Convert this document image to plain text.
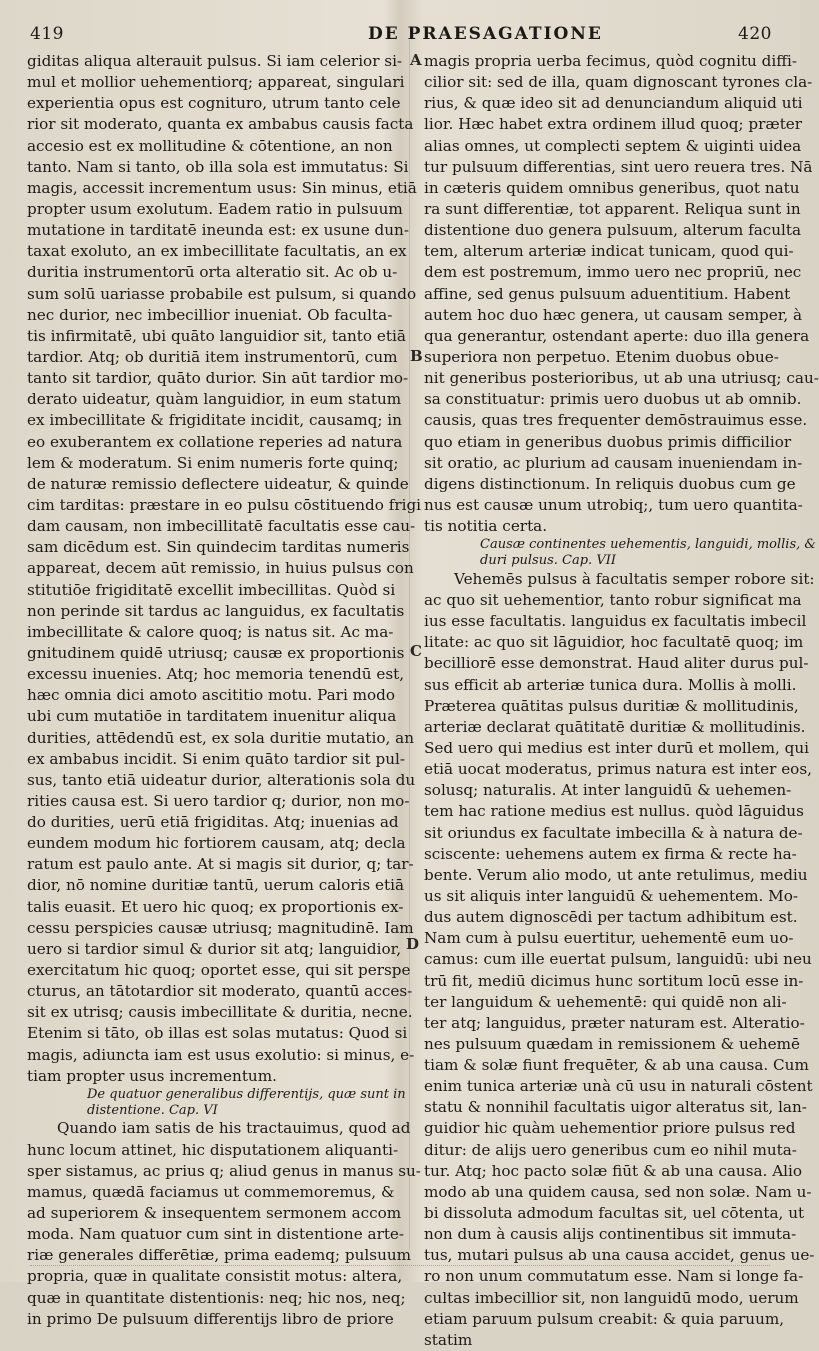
419	DE PRAESAGATIONE	420
A
B
C
D
giditas aliqua alterauit pulsus. Si iam celerior si-
mul et mollior uehementiorq; appareat, singulari
experientia opus est cogniturο, utrum tanto cele
rior sit moderato, quanta ex ambabus causis facta
accesio est ex mollitudine & cōtentione, an non
tanto. Nam si tanto, ob illa sola est immutatus: Si
magis, accessit incrementum usus: Sin minus, etiā
propter usum exolutum. Eadem ratio in pulsuum
mutatione in tarditatē ineunda est: ex usune dun-
taxat exoluto, an ex imbecillitate facultatis, an ex
duritia instrumentorū orta alteratio sit. Ac ob u-
sum solū uariasse probabile est pulsum, si quando
nec durior, nec imbecillior inueniat. Ob faculta-
tis infirmitatē, ubi quāto languidior sit, tanto etiā
tardior. Atq; ob duritiā item instrumentorū, cum
tanto sit tardior, quāto durior. Sin aūt tardior mo-
derato uideatur, quàm languidior, in eum statum
ex imbecillitate & frigiditate incidit, causamq; in
eo exuberantem ex collatione reperies ad natura
lem & moderatum. Si enim numeris forte quinq;
de naturæ remissio deflectere uideatur, & quinde
cim tarditas: præstare in eo pulsu cōstituendo frigi
dam causam, non imbecillitatē facultatis esse cau-
sam dicēdum est. Sin quindecim tarditas numeris
appareat, decem aūt remissio, in huius pulsus con
stitutiōe frigiditatē excellit imbecillitas. Quòd si
non perinde sit tardus ac languidus, ex facultatis
imbecillitate & calore quoq; is natus sit. Ac ma-
gnitudinem quidē utriusq; causæ ex proportionis
excessu inuenies. Atq; hoc memoria tenendū est,
hæc omnia dici amoto ascititio motu. Pari modo
ubi cum mutatiōe in tarditatem inuenitur aliqua
durities, attēdendū est, ex sola duritie mutatio, an
ex ambabus incidit. Si enim quāto tardior sit pul-
sus, tanto etiā uideatur durior, alterationis sola du
rities causa est. Si uero tardior q; durior, non mo-
do durities, uerū etiā frigiditas. Atq; inuenias ad
eundem modum hic fortiorem causam, atq; decla
ratum est paulo ante. At si magis sit durior, q; tar-
dior, nō nomine duritiæ tantū, uerum caloris etiā
talis euasit. Et uero hic quoq; ex proportionis ex-
cessu perspicies causæ utriusq; magnitudinē. Iam
uero si tardior simul & durior sit atq; languidior,
exercitatum hic quoq; oportet esse, qui sit perspe
cturus, an tātotardior sit moderato, quantū acces-
sit ex utrisq; causis imbecillitate & duritia, necne.
Etenim si tāto, ob illas est solas mutatus: Quod si
magis, adiuncta iam est usus exolutio: si minus, e-
tiam propter usus incrementum.
De quatuor generalibus differentijs, quæ sunt in
distentione. Cap. VI
Quando iam satis de his tractauimus, quod ad
hunc locum attinet, hic disputationem aliquanti-
sper sistamus, ac prius q; aliud genus in manus su-
mamus, quædā faciamus ut commemoremus, &
ad superiorem & insequentem sermonem accom
moda. Nam quatuor cum sint in distentione arte-
riæ generales differētiæ, prima eademq; pulsuum
propria, quæ in qualitate consistit motus: altera,
quæ in quantitate distentionis: neq; hic nos, neq;
in primo De pulsuum differentijs libro de priore
magis propria uerba fecimus, quòd cognitu diffi-
cilior sit: sed de illa, quam dignoscant tyrones cla-
rius, & quæ ideo sit ad denunciandum aliquid uti
lior. Hæc habet extra ordinem illud quoq; præter
alias omnes, ut complecti septem & uiginti uidea
tur pulsuum differentias, sint uero reuera tres. Nā
in cæteris quidem omnibus generibus, quot natu
ra sunt differentiæ, tot apparent. Reliqua sunt in
distentione duo genera pulsuum, alterum faculta
tem, alterum arteriæ indicat tunicam, quod qui-
dem est postremum, immo uero nec propriū, nec
affine, sed genus pulsuum aduentitium. Habent
autem hoc duo hæc genera, ut causam semper, à
qua generantur, ostendant aperte: duo illa genera
superiora non perpetuo. Etenim duobus obue-
nit generibus posterioribus, ut ab una utriusq; cau-
sa constituatur: primis uero duobus ut ab omnib.
causis, quas tres frequenter demōstrauimus esse.
quo etiam in generibus duobus primis difficilior
sit oratio, ac plurium ad causam inueniendam in-
digens distinctionum. In reliquis duobus cum ge
nus est causæ unum utrobiq;, tum uero quantita-
tis notitia certa.
Causæ continentes uehementis, languidi, mollis, &
duri pulsus. Cap. VII
Vehemēs pulsus à facultatis semper robore sit:
ac quo sit uehementior, tanto robur significat ma
ius esse facultatis. languidus ex facultatis imbecil
litate: ac quo sit lāguidior, hoc facultatē quoq; im
becilliorē esse demonstrat. Haud aliter durus pul-
sus efficit ab arteriæ tunica dura. Mollis à molli.
Præterea quātitas pulsus duritiæ & mollitudinis,
arteriæ declarat quātitatē duritiæ & mollitudinis.
Sed uero qui medius est inter durū et mollem, qui
etiā uocat moderatus, primus natura est inter eos,
solusq; naturalis. At inter languidū & uehemen-
tem hac ratione medius est nullus. quòd lāguidus
sit oriundus ex facultate imbecilla & à natura de-
sciscente: uehemens autem ex firma & recte ha-
bente. Verum alio modo, ut ante retulimus, mediu
us sit aliquis inter languidū & uehementem. Mo-
dus autem dignoscēdi per tactum adhibitum est.
Nam cum à pulsu euertitur, uehementē eum uo-
camus: cum ille euertat pulsum, languidū: ubi neu
trū fit, mediū dicimus hunc sortitum locū esse in-
ter languidum & uehementē: qui quidē non ali-
ter atq; languidus, præter naturam est. Alteratio-
nes pulsuum quædam in remissionem & uehemē
tiam & solæ fiunt frequēter, & ab una causa. Cum
enim tunica arteriæ unà cū usu in naturali cōstent
statu & nonnihil facultatis uigor alteratus sit, lan-
guidior hic quàm uehementior priore pulsus red
ditur: de alijs uero generibus cum eo nihil muta-
tur. Atq; hoc pacto solæ fiūt & ab una causa. Alio
modo ab una quidem causa, sed non solæ. Nam u-
bi dissoluta admodum facultas sit, uel cōtenta, ut
non dum à causis alijs continentibus sit immuta-
tus, mutari pulsus ab una causa accidet, genus ue-
ro non unum commutatum esse. Nam si longe fa-
cultas imbecillior sit, non languidū modo, uerum
etiam paruum pulsum creabit: & quia paruum,
statim
